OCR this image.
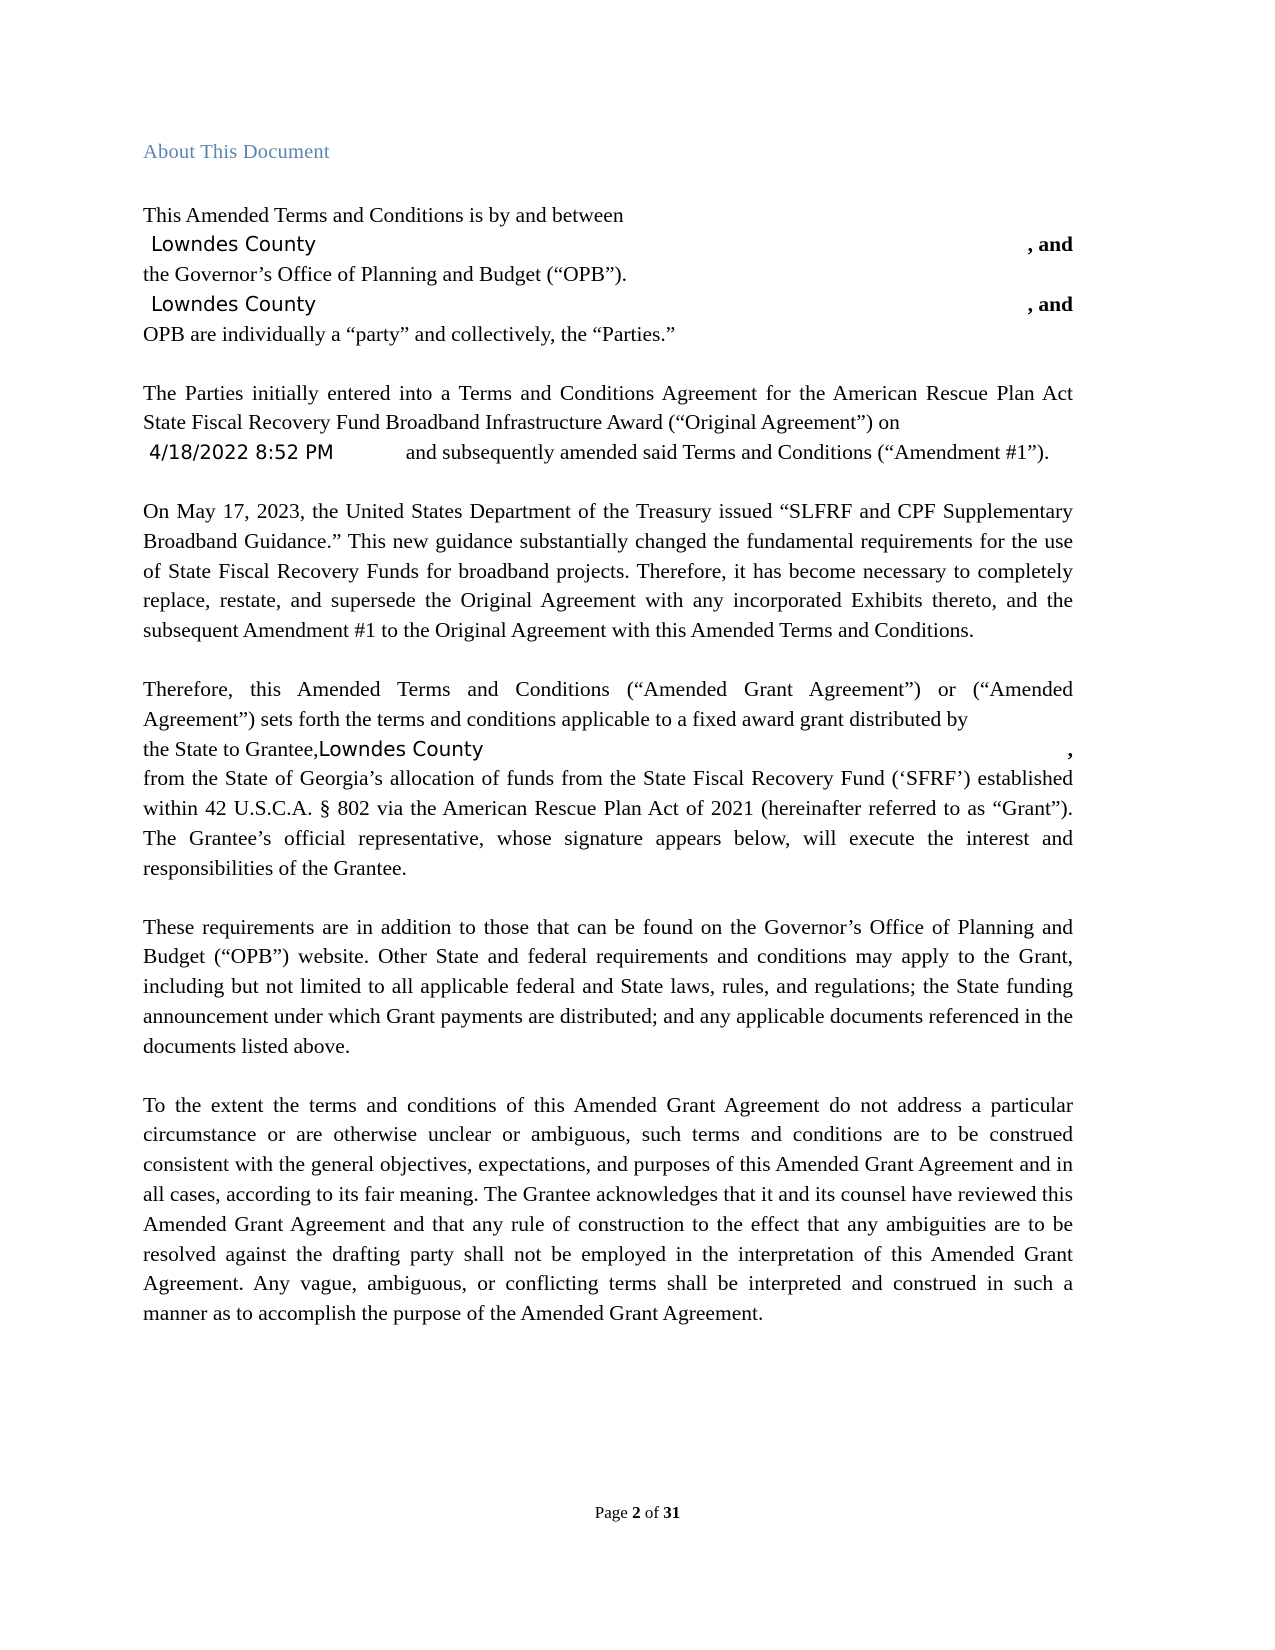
About This Document
This Amended Terms and Conditions is by and between
Lowndes County	, and
the Governor’s Office of Planning and Budget (“OPB”).
Lowndes County	, and
OPB are individually a “party” and collectively, the “Parties.”

The Parties initially entered into a Terms and Conditions Agreement for the American Rescue Plan Act State Fiscal Recovery Fund Broadband Infrastructure Award (“Original Agreement”) on
4/18/2022 8:52 PM	and subsequently amended said Terms and Conditions (“Amendment #1”).

On May 17, 2023, the United States Department of the Treasury issued “SLFRF and CPF Supplementary Broadband Guidance.” This new guidance substantially changed the fundamental requirements for the use of State Fiscal Recovery Funds for broadband projects. Therefore, it has become necessary to completely replace, restate, and supersede the Original Agreement with any incorporated Exhibits thereto, and the subsequent Amendment #1 to the Original Agreement with this Amended Terms and Conditions.

Therefore, this Amended Terms and Conditions (“Amended Grant Agreement”) or (“Amended Agreement”) sets forth the terms and conditions applicable to a fixed award grant distributed by
the State to Grantee, Lowndes County	,
from the State of Georgia’s allocation of funds from the State Fiscal Recovery Fund (‘SFRF’) established within 42 U.S.C.A. § 802 via the American Rescue Plan Act of 2021 (hereinafter referred to as “Grant”). The Grantee’s official representative, whose signature appears below, will execute the interest and responsibilities of the Grantee.

These requirements are in addition to those that can be found on the Governor’s Office of Planning and Budget (“OPB”) website. Other State and federal requirements and conditions may apply to the Grant, including but not limited to all applicable federal and State laws, rules, and regulations; the State funding announcement under which Grant payments are distributed; and any applicable documents referenced in the documents listed above.

To the extent the terms and conditions of this Amended Grant Agreement do not address a particular circumstance or are otherwise unclear or ambiguous, such terms and conditions are to be construed consistent with the general objectives, expectations, and purposes of this Amended Grant Agreement and in all cases, according to its fair meaning. The Grantee acknowledges that it and its counsel have reviewed this Amended Grant Agreement and that any rule of construction to the effect that any ambiguities are to be resolved against the drafting party shall not be employed in the interpretation of this Amended Grant Agreement. Any vague, ambiguous, or conflicting terms shall be interpreted and construed in such a manner as to accomplish the purpose of the Amended Grant Agreement.

Page 2 of 31
